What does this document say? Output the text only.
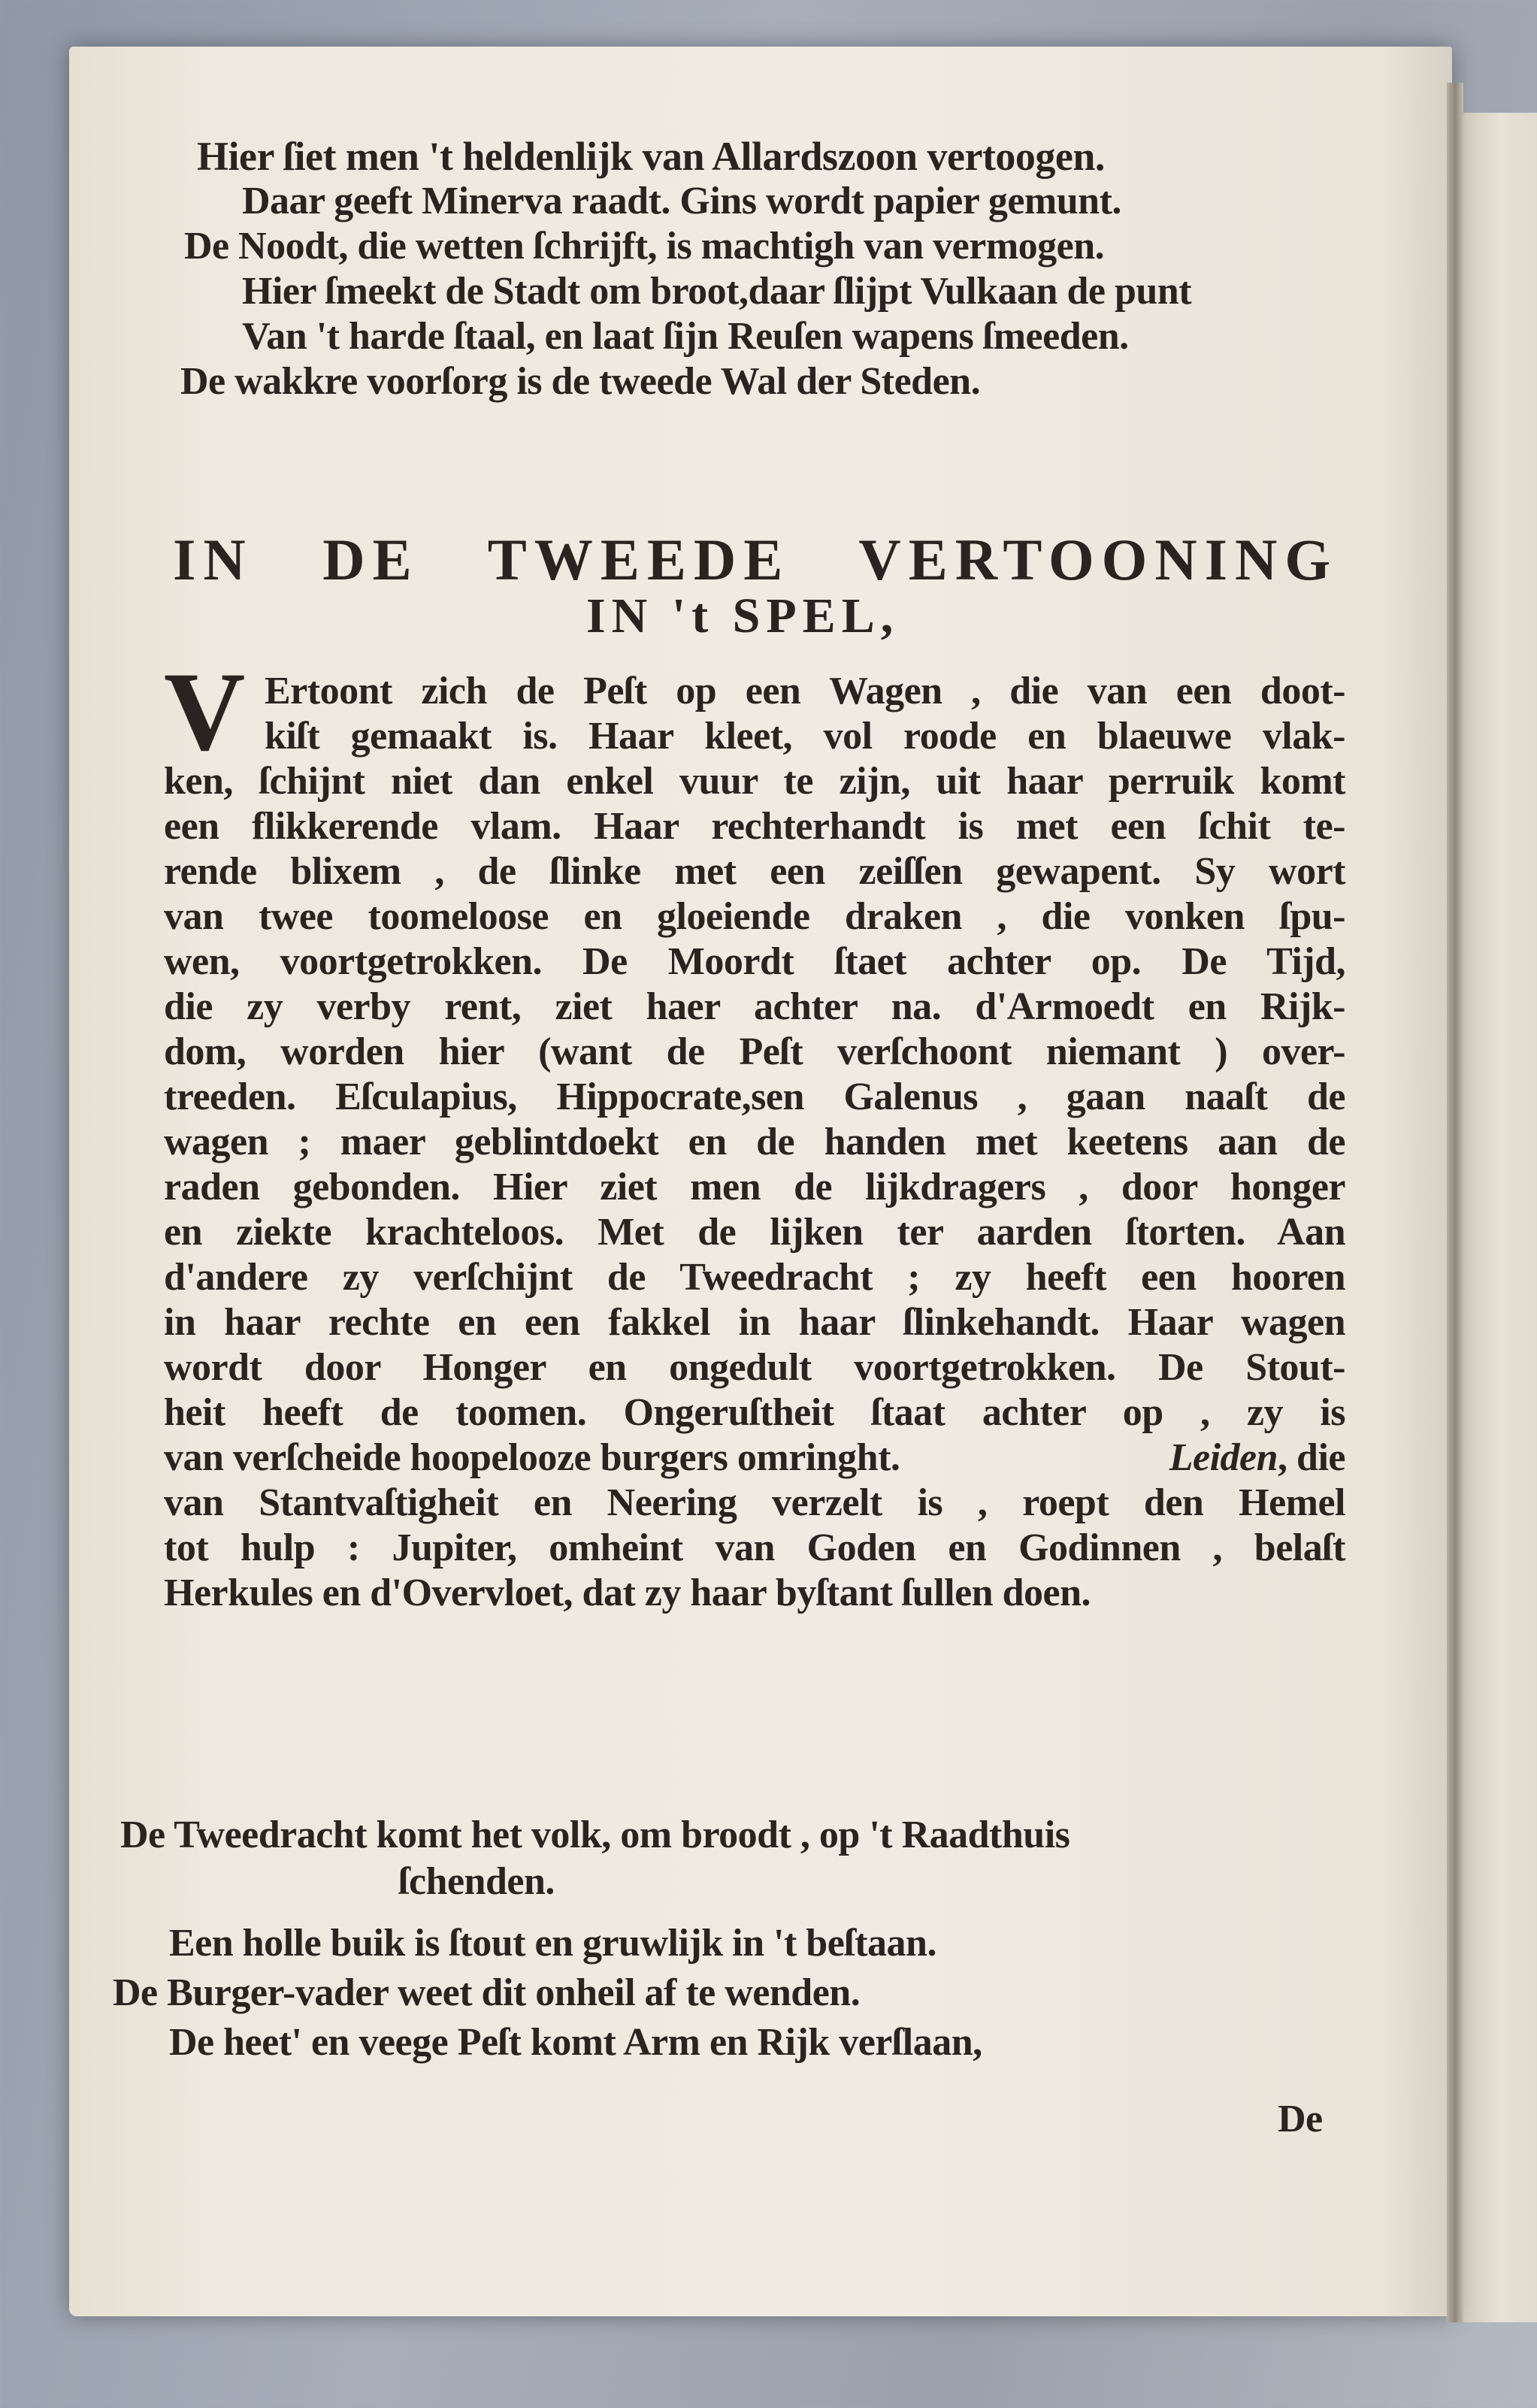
Hier ſiet men 't heldenlijk van Allardszoon vertoogen.
Daar geeft Minerva raadt. Gins wordt papier gemunt.
De Noodt, die wetten ſchrijft, is machtigh van vermogen.
Hier ſmeekt de Stadt om broot,daar ſlijpt Vulkaan de punt
Van 't harde ſtaal, en laat ſijn Reuſen wapens ſmeeden.
De wakkre voorſorg is de tweede Wal der Steden.
IN DE TWEEDE VERTOONING
IN 't SPEL,
V Ertoont zich de Peſt op een Wagen , die van een doot-
kiſt gemaakt is. Haar kleet, vol roode en blaeuwe vlak-
ken, ſchijnt niet dan enkel vuur te zijn, uit haar perruik komt
een flikkerende vlam. Haar rechterhandt is met een ſchit te-
rende blixem , de ſlinke met een zeiſſen gewapent. Sy wort
van twee toomeloose en gloeiende draken , die vonken ſpu-
wen, voortgetrokken. De Moordt ſtaet achter op. De Tijd,
die zy verby rent, ziet haer achter na. d'Armoedt en Rijk-
dom, worden hier (want de Peſt verſchoont niemant ) over-
treeden. Eſculapius, Hippocrate,sen Galenus , gaan naaſt de
wagen ; maer geblintdoekt en de handen met keetens aan de
raden gebonden. Hier ziet men de lijkdragers , door honger
en ziekte krachteloos. Met de lijken ter aarden ſtorten. Aan
d'andere zy verſchijnt de Tweedracht ; zy heeft een hooren
in haar rechte en een fakkel in haar ſlinkehandt. Haar wagen
wordt door Honger en ongedult voortgetrokken. De Stout-
heit heeft de toomen. Ongeruſtheit ſtaat achter op , zy is
van verſcheide hoopelooze burgers omringht.	Leiden, die
van Stantvaſtigheit en Neering verzelt is , roept den Hemel
tot hulp : Jupiter, omheint van Goden en Godinnen , belaſt
Herkules en d'Overvloet, dat zy haar byſtant ſullen doen.
De Tweedracht komt het volk, om broodt , op 't Raadthuis
ſchenden.
Een holle buik is ſtout en gruwlijk in 't beſtaan.
De Burger-vader weet dit onheil af te wenden.
De heet' en veege Peſt komt Arm en Rijk verſlaan,
De
